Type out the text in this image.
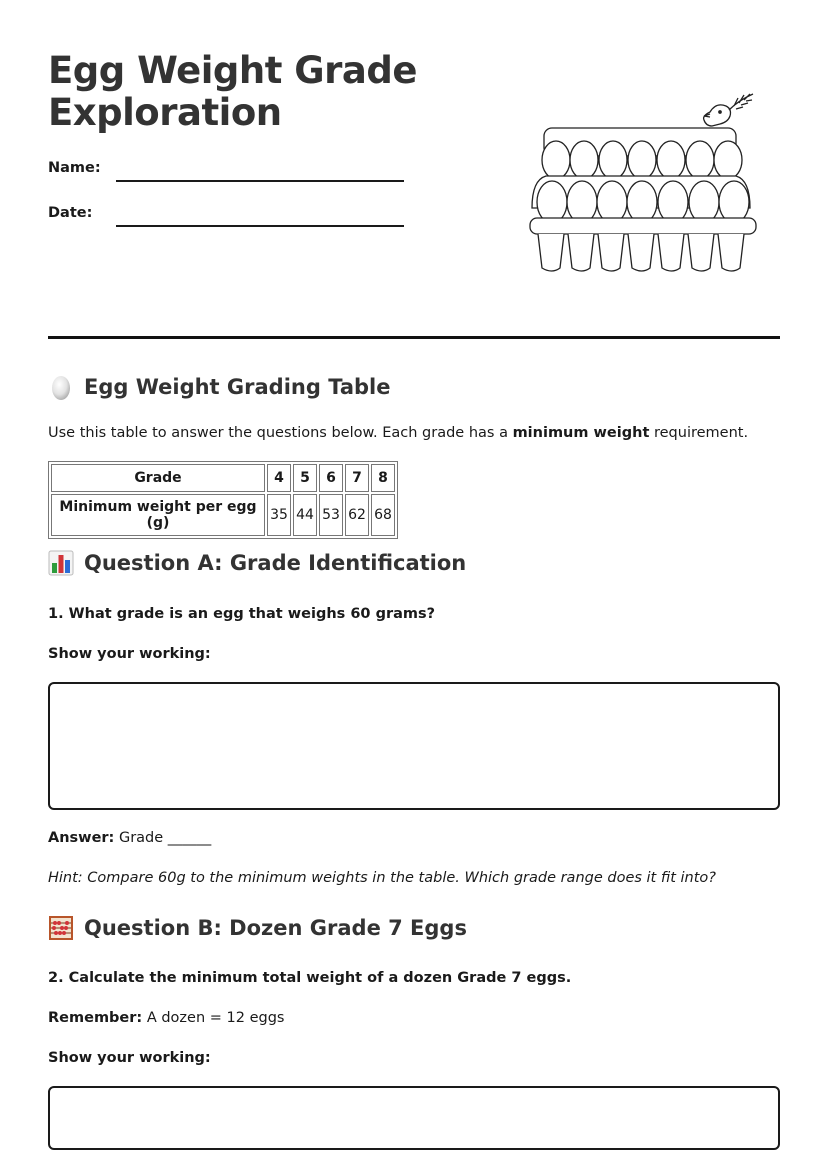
Egg Weight Grade
Exploration
Name:
Date:
Egg Weight Grading Table

Use this table to answer the questions below. Each grade has a minimum weight requirement.

Grade	4	5	6	7	8
Minimum weight per egg (g)	35	44	53	62	68
Question A: Grade Identification

1. What grade is an egg that weighs 60 grams?

Show your working:

Answer: Grade ______

Hint: Compare 60g to the minimum weights in the table. Which grade range does it fit into?

Question B: Dozen Grade 7 Eggs

2. Calculate the minimum total weight of a dozen Grade 7 eggs.

Remember: A dozen = 12 eggs

Show your working:
